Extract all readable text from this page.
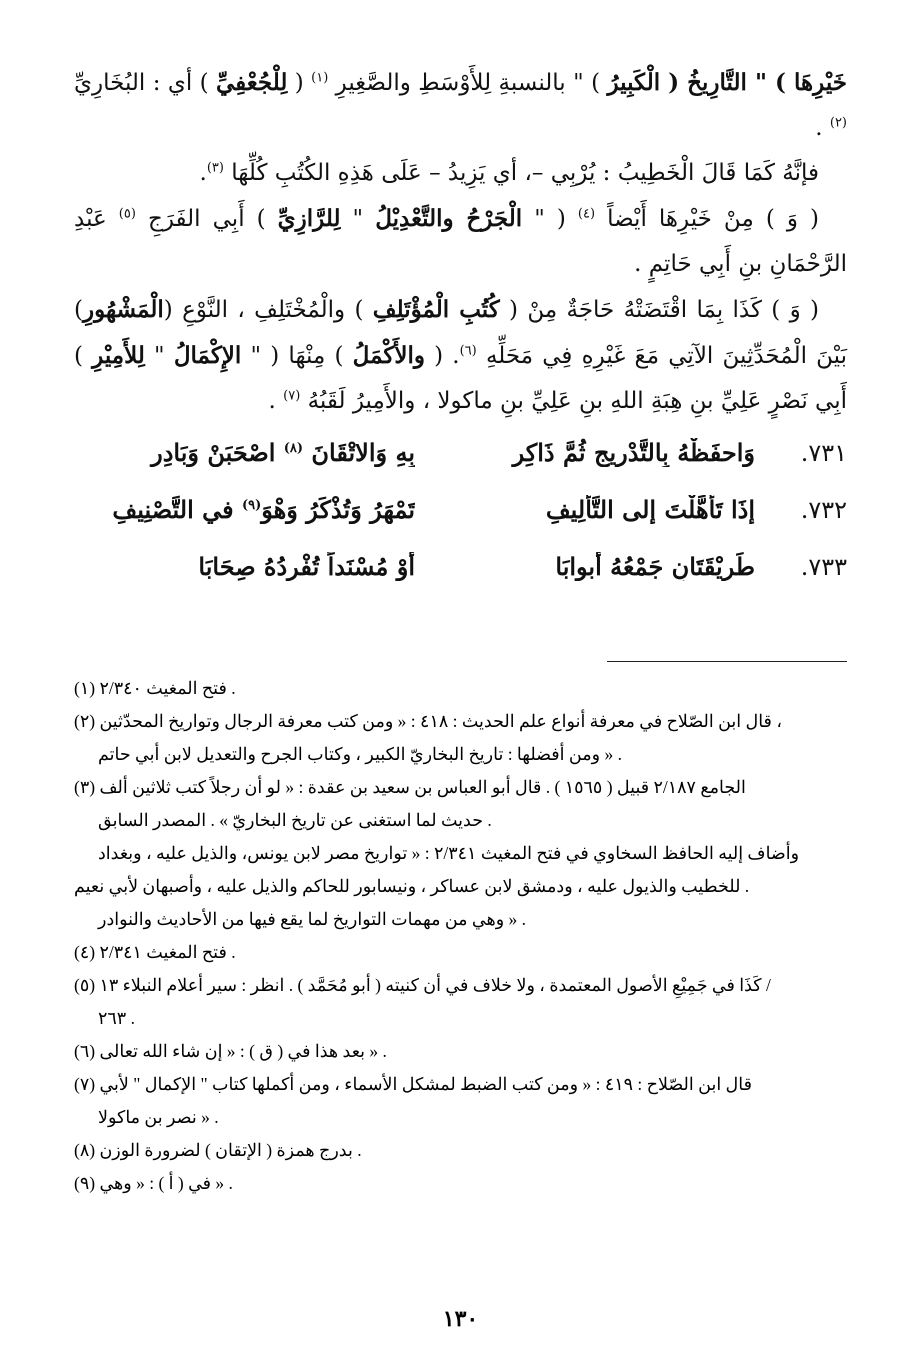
خَيْرِهَا ) " التَّارِيخُ ( الْكَبِيرُ ) " بالنسبةِ لِلأَوْسَطِ والصَّغِيرِ $^{(١)}$ ( لِلْجُعْفِيِّ ) أي : البُخَارِيِّ $^{(٢)}$ .

فإنَّهُ كَمَا قَالَ الْخَطِيبُ : يُرْبِي –، أي يَزِيدُ – عَلَى هَذِهِ الكُتُبِ كُلِّهَا $^{(٣)}$.

( وَ ) مِنْ خَيْرِهَا أَيْضاً $^{(٤)}$ ( " الْجَرْحُ والتَّعْدِيْلُ " لِلرَّازِيِّ ) أَبِي الفَرَجِ $^{(٥)}$ عَبْدِ الرَّحْمَانِ بنِ أَبِي حَاتِمٍ .

( وَ ) كَذَا بِمَا اقْتَضَتْهُ حَاجَةٌ مِنْ ( كُتُبِ الْمُؤْتَلِفِ ) والْمُخْتَلِفِ ، النَّوْعِ (الْمَشْهُورِ) بَيْنَ الْمُحَدِّثِينَ الآتِي مَعَ غَيْرِهِ فِي مَحَلِّهِ $^{(٦)}$. ( والأَكْمَلُ ) مِنْهَا ( " الإِكْمَالُ " لِلأَمِيْرِ ) أَبِي نَصْرٍ عَلِيِّ بنِ هِبَةِ اللهِ بنِ عَلِيِّ بنِ ماكولا ، والأَمِيرُ لَقَبُهُ $^{(٧)}$ .

٧٣١.
وَاحفَظْهُ بِالتَّدْرِيجِ ثُمَّ ذَاكِرِ
بِهِ وَالاتْقَانَ $^{(٨)}$ اصْحَبَنْ وَبَادِرِ
٧٣٢.
إذَا تَأَهَّلْتَ إلى التَّأْلِيفِ
تَمْهَرُ وَتُذْكَرُ وَهْوَ$^{(٩)}$ في التَّصْنِيفِ
٧٣٣.
طَرِيْقَتَانِ جَمْعُهُ أبوابَا
أَوْ مُسْنَداً تُفْرِدُهُ صِحَابَا

(١) فتح المغيث ٢/٣٤٠ .

(٢) قال ابن الصّلاح في معرفة أنواع علم الحديث : ٤١٨ : « ومن كتب معرفة الرجال وتواريخ المحدّثين ،

ومن أفضلها : تاريخ البخاريّ الكبير ، وكتاب الجرح والتعديل لابن أبي حاتم » .

(٣) الجامع ٢/١٨٧ قبيل ( ١٥٦٥ ) . قال أبو العباس بن سعيد بن عقدة : « لو أن رجلاً كتب ثلاثين ألف

حديث لما استغنى عن تاريخ البخاريّ » . المصدر السابق .

وأضاف إليه الحافظ السخاوي في فتح المغيث ٢/٣٤١ : « تواريخ مصر لابن يونس، والذيل عليه ، وبغداد

للخطيب والذيول عليه ، ودمشق لابن عساكر ، ونيسابور للحاكم والذيل عليه ، وأصبهان لأبي نعيم .

وهي من مهمات التواريخ لما يقع فيها من الأحاديث والنوادر » .

(٤) فتح المغيث ٢/٣٤١ .

(٥) كَذَا في جَمِيْعِ الأصول المعتمدة ، ولا خلاف في أن كنيته ( أبو مُحَمَّد ) . انظر : سير أعلام النبلاء ١٣ /

٢٦٣ .

(٦) بعد هذا في ( ق ) : « إن شاء الله تعالى » .

(٧) قال ابن الصّلاح : ٤١٩ : « ومن كتب الضبط لمشكل الأسماء ، ومن أكملها كتاب " الإكمال " لأبي

نصر بن ماكولا » .

(٨) بدرج همزة ( الإتقان ) لضرورة الوزن .

(٩) في ( أ ) : « وهي » .

١٣٠
